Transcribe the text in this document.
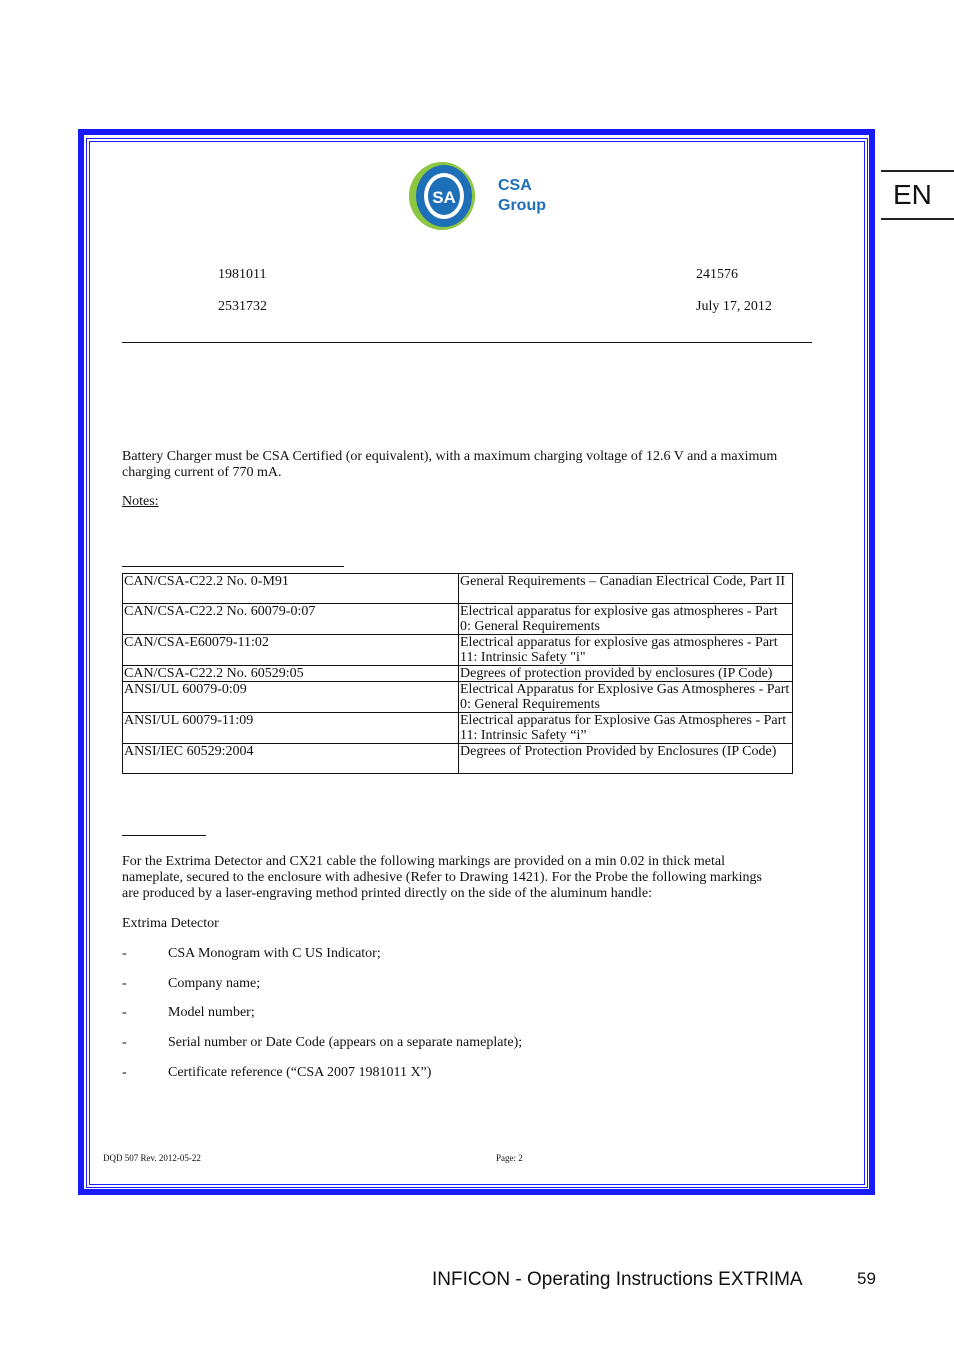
SA
CSA
Group
1981011	241576
2531732	July 17, 2012
Battery Charger must be CSA Certified (or equivalent), with a maximum charging voltage of 12.6 V and a maximum charging current of 770 mA.
Notes:
CAN/CSA-C22.2 No. 0-M91	General Requirements – Canadian Electrical Code, Part II
CAN/CSA-C22.2 No. 60079-0:07	Electrical apparatus for explosive gas atmospheres - Part 0: General Requirements
CAN/CSA-E60079-11:02	Electrical apparatus for explosive gas atmospheres - Part 11: Intrinsic Safety "i"
CAN/CSA-C22.2 No. 60529:05	Degrees of protection provided by enclosures (IP Code)
ANSI/UL 60079-0:09	Electrical Apparatus for Explosive Gas Atmospheres - Part 0: General Requirements
ANSI/UL 60079-11:09	Electrical apparatus for Explosive Gas Atmospheres - Part 11: Intrinsic Safety “i”
ANSI/IEC 60529:2004	Degrees of Protection Provided by Enclosures (IP Code)
For the Extrima Detector and CX21 cable the following markings are provided on a min 0.02 in thick metal nameplate, secured to the enclosure with adhesive (Refer to Drawing 1421). For the Probe the following markings are produced by a laser-engraving method printed directly on the side of the aluminum handle:
Extrima Detector
-	CSA Monogram with C US Indicator;
-	Company name;
-	Model number;
-	Serial number or Date Code (appears on a separate nameplate);
-	Certificate reference (“CSA 2007 1981011 X”)
DQD 507 Rev. 2012-05-22	Page: 2
EN
INFICON - Operating Instructions EXTRIMA	59
